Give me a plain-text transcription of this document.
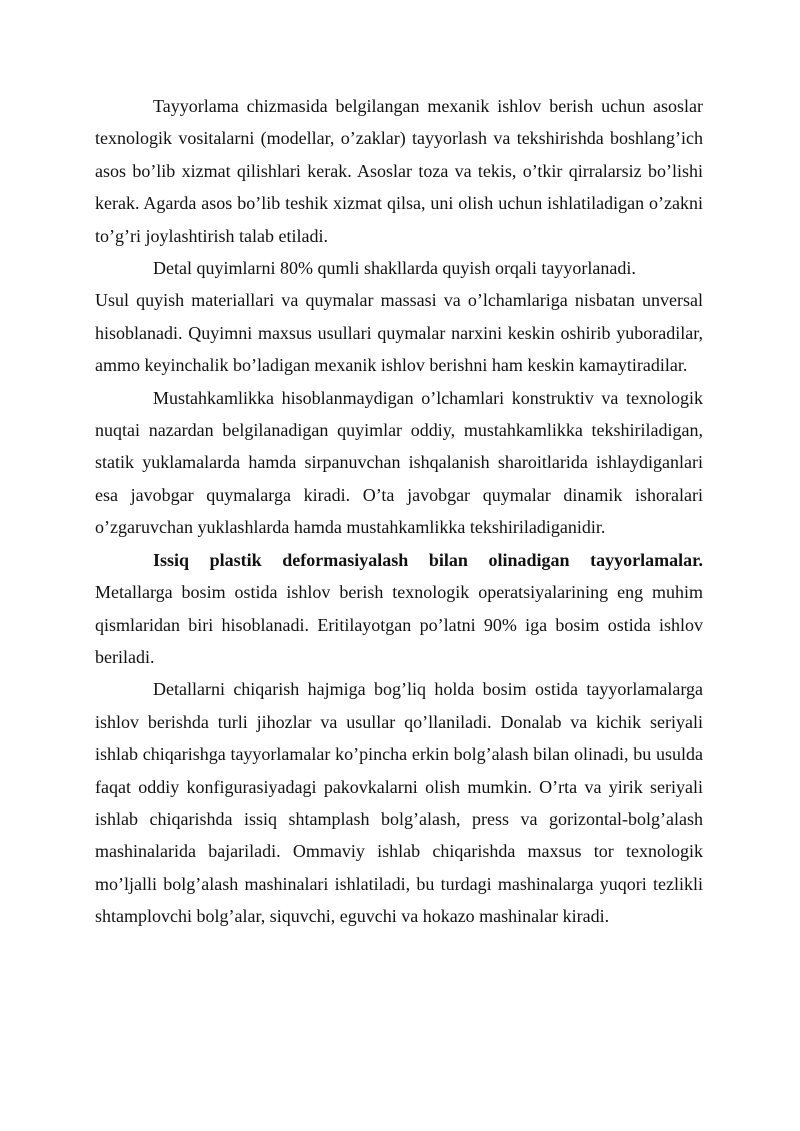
Tayyorlama chizmasida belgilangan mexanik ishlov berish uchun asoslar texnologik vositalarni (modellar, o’zaklar) tayyorlash va tekshirishda boshlang’ich asos bo’lib xizmat qilishlari kerak. Asoslar toza va tekis, o’tkir qirralarsiz bo’lishi kerak. Agarda asos bo’lib teshik xizmat qilsa, uni olish uchun ishlatiladigan o’zakni to’g’ri joylashtirish talab etiladi.

Detal quyimlarni 80% qumli shakllarda quyish orqali tayyorlanadi.

Usul quyish materiallari va quymalar massasi va o’lchamlariga nisbatan unversal hisoblanadi. Quyimni maxsus usullari quymalar narxini keskin oshirib yuboradilar, ammo keyinchalik bo’ladigan mexanik ishlov berishni ham keskin kamaytiradilar.

Mustahkamlikka hisoblanmaydigan o’lchamlari konstruktiv va texnologik nuqtai nazardan belgilanadigan quyimlar oddiy, mustahkamlikka tekshiriladigan, statik yuklamalarda hamda sirpanuvchan ishqalanish sharoitlarida ishlaydiganlari esa javobgar quymalarga kiradi. O’ta javobgar quymalar dinamik ishoralari o’zgaruvchan yuklashlarda hamda mustahkamlikka tekshiriladiganidir.

Issiq plastik deformasiyalash bilan olinadigan tayyorlamalar. Metallarga bosim ostida ishlov berish texnologik operatsiyalarining eng muhim qismlaridan biri hisoblanadi. Eritilayotgan po’latni 90% iga bosim ostida ishlov beriladi.

Detallarni chiqarish hajmiga bog’liq holda bosim ostida tayyorlamalarga ishlov berishda turli jihozlar va usullar qo’llaniladi. Donalab va kichik seriyali ishlab chiqarishga tayyorlamalar ko’pincha erkin bolg’alash bilan olinadi, bu usulda faqat oddiy konfigurasiyadagi pakovkalarni olish mumkin. O’rta va yirik seriyali ishlab chiqarishda issiq shtamplash bolg’alash, press va gorizontal-bolg’alash mashinalarida bajariladi. Ommaviy ishlab chiqarishda maxsus tor texnologik mo’ljalli bolg’alash mashinalari ishlatiladi, bu turdagi mashinalarga yuqori tezlikli shtamplovchi bolg’alar, siquvchi, eguvchi va hokazo mashinalar kiradi.
